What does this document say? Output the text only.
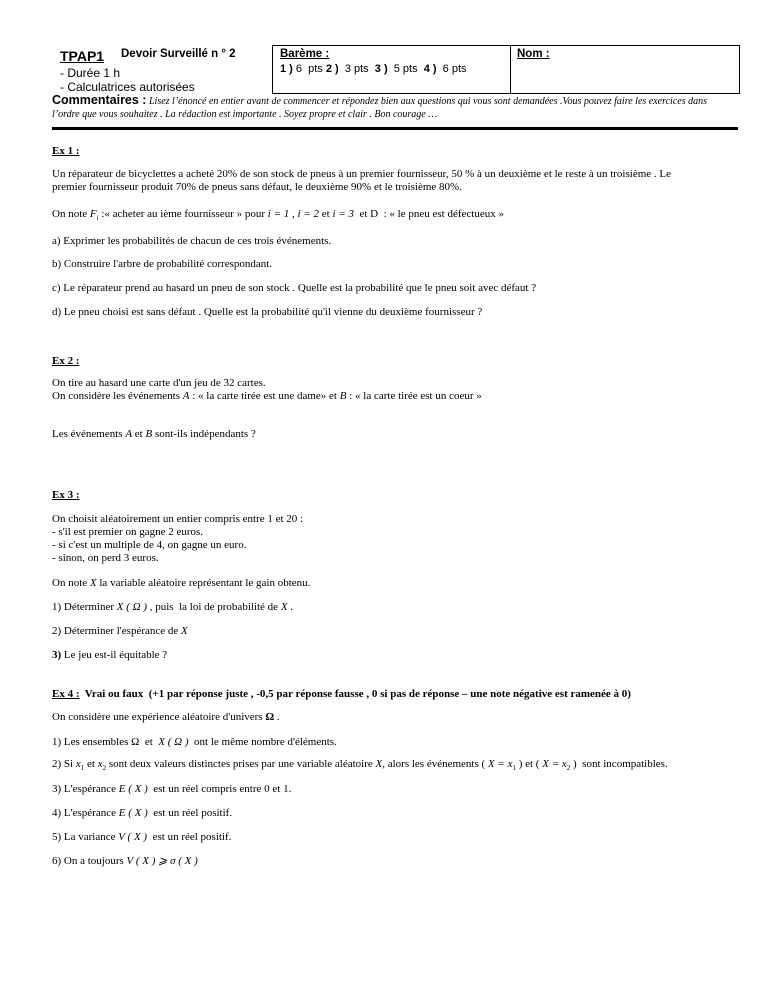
TPAP1 Devoir Surveillé n ° 2
- Durée 1 h
- Calculatrices autorisées
Barème :
1 ) 6  pts 2 )  3 pts  3 )  5 pts  4 )  6 pts
Nom :

Commentaires : Lisez l’énoncé en entier avant de commencer et répondez bien aux questions qui vous sont demandées .Vous pouvez faire les exercices dans

l’ordre que vous souhaitez . La rédaction est importante . Soyez propre et clair . Bon courage …

Ex 1 :

Un réparateur de bicyclettes a acheté 20% de son stock de pneus à un premier fournisseur, 50 % à un deuxième et le reste à un troisième . Le

premier fournisseur produit 70% de pneus sans défaut, le deuxième 90% et le troisième 80%.

On note $F_i$ :« acheter au ième fournisseur » pour i = 1 , i = 2 et i = 3  et D  : « le pneu est défectueux »

a) Exprimer les probabilités de chacun de ces trois événements.

b) Construire l'arbre de probabilité correspondant.

c) Le réparateur prend au hasard un pneu de son stock . Quelle est la probabilité que le pneu soit avec défaut ?

d) Le pneu choisi est sans défaut . Quelle est la probabilité qu'il vienne du deuxième fournisseur ?

Ex 2 :

On tire au hasard une carte d'un jeu de 32 cartes.

On considère les événements A : « la carte tirée est une dame» et B : « la carte tirée est un coeur »

Les événements A et B sont-ils indépendants ?

Ex 3 :

On choisit aléatoirement un entier compris entre 1 et 20 :

- s'il est premier on gagne 2 euros.

- si c'est un multiple de 4, on gagne un euro.

- sinon, on perd 3 euros.

On note X la variable aléatoire représentant le gain obtenu.

1) Déterminer X ( Ω ) , puis  la loi de probabilité de X .

2) Déterminer l'espérance de X

3) Le jeu est-il équitable ?

Ex 4 :  Vrai ou faux  (+1 par réponse juste , -0,5 par réponse fausse , 0 si pas de réponse – une note négative est ramenée à 0)

On considère une expérience aléatoire d'univers Ω .

1) Les ensembles Ω  et  X ( Ω )  ont le même nombre d'éléments.

2) Si $x_1$ et $x_2$ sont deux valeurs distinctes prises par une variable aléatoire X, alors les événements ( $X = x_1$ ) et ( $X = x_2$ )  sont incompatibles.

3) L'espérance E ( X )  est un réel compris entre 0 et 1.

4) L'espérance E ( X )  est un réel positif.

5) La variance V ( X )  est un réel positif.

6) On a toujours V ( X ) ⩾ σ ( X )
